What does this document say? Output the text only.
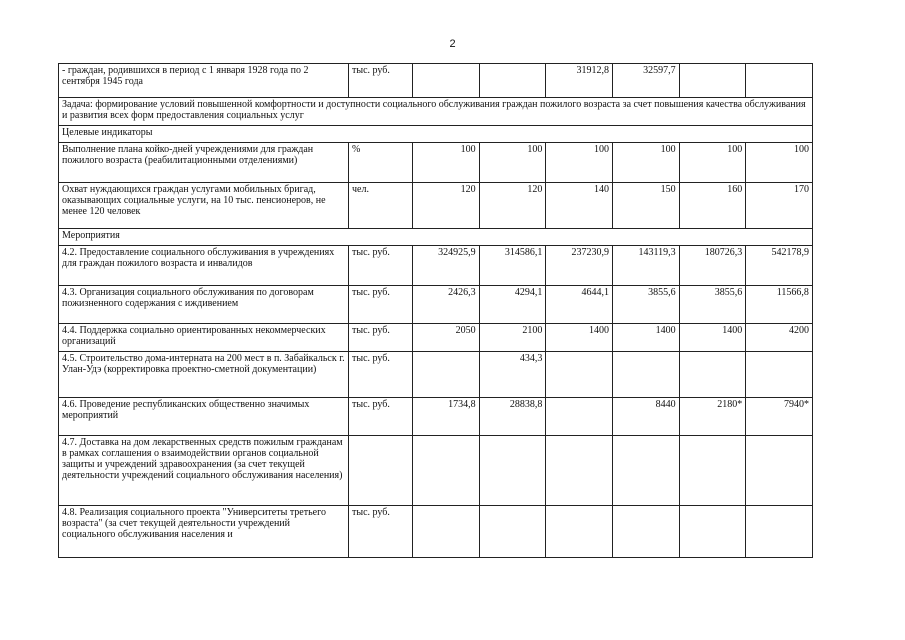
2
- граждан, родившихся в период с 1 января 1928 года по 2 сентября 1945 года	тыс. руб.			31912,8	32597,7		
Задача: формирование условий повышенной комфортности и доступности социального обслуживания граждан пожилого возраста за счет повышения качества обслуживания и развития всех форм предоставления социальных услуг							
Целевые индикаторы							
Выполнение плана койко-дней учреждениями для граждан пожилого возраста (реабилитационными отделениями)	%	100	100	100	100	100	100
Охват нуждающихся граждан услугами мобильных бригад, оказывающих социальные услуги, на 10 тыс. пенсионеров, не менее 120 человек	чел.	120	120	140	150	160	170
Мероприятия							
4.2. Предоставление социального обслуживания в учреждениях для граждан пожилого возраста и инвалидов	тыс. руб.	324925,9	314586,1	237230,9	143119,3	180726,3	542178,9
4.3. Организация социального обслуживания по договорам пожизненного содержания с иждивением	тыс. руб.	2426,3	4294,1	4644,1	3855,6	3855,6	11566,8
4.4. Поддержка социально ориентированных некоммерческих организаций	тыс. руб.	2050	2100	1400	1400	1400	4200
4.5. Строительство дома-интерната на 200 мест в п. Забайкальск г. Улан-Удэ (корректировка проектно-сметной документации)	тыс. руб.		434,3				
4.6. Проведение республиканских общественно значимых мероприятий	тыс. руб.	1734,8	28838,8		8440	2180*	7940*
4.7. Доставка на дом лекарственных средств пожилым гражданам в рамках соглашения о взаимодействии органов социальной защиты и учреждений здравоохранения (за счет текущей деятельности учреждений социального обслуживания населения)							
4.8. Реализация социального проекта "Университеты третьего возраста" (за счет текущей деятельности учреждений социального обслуживания населения и	тыс. руб.						
